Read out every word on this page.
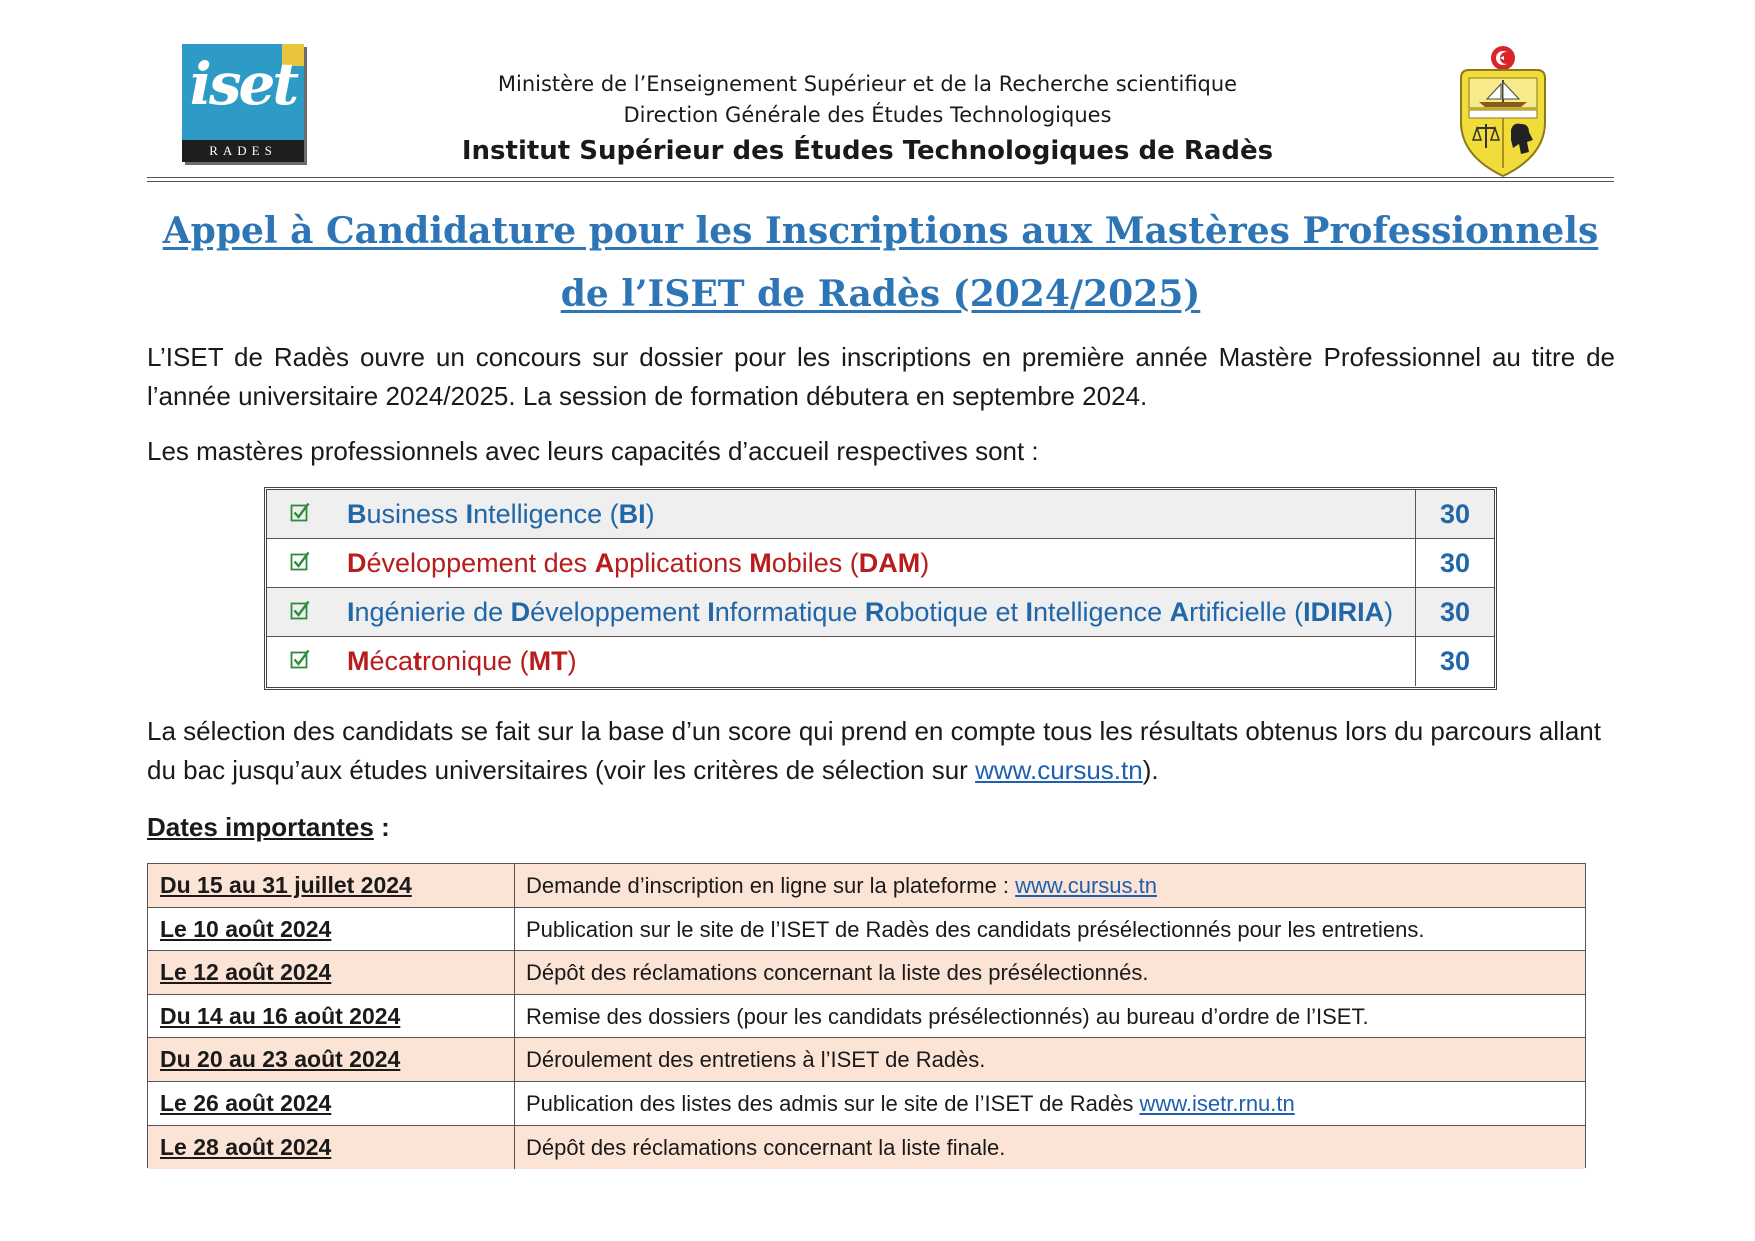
iset
RADES

Ministère de l’Enseignement Supérieur et de la Recherche scientifique

Direction Générale des Études Technologiques

Institut Supérieur des Études Technologiques de Radès

Appel à Candidature pour les Inscriptions aux Mastères Professionnels

de l’ISET de Radès (2024/2025)

L’ISET de Radès ouvre un concours sur dossier pour les inscriptions en première année Mastère Professionnel au titre de l’année universitaire 2024/2025. La session de formation débutera en septembre 2024.

Les mastères professionnels avec leurs capacités d’accueil respectives sont :

Business Intelligence (BI)	30
Développement des Applications Mobiles (DAM)	30
Ingénierie de Développement Informatique Robotique et Intelligence Artificielle (IDIRIA)	30
Mécatronique (MT)	30

La sélection des candidats se fait sur la base d’un score qui prend en compte tous les résultats obtenus lors du parcours allant du bac jusqu’aux études universitaires (voir les critères de sélection sur www.cursus.tn).

Dates importantes :

Du 15 au 31 juillet 2024	Demande d’inscription en ligne sur la plateforme : www.cursus.tn
Le 10 août 2024	Publication sur le site de l’ISET de Radès des candidats présélectionnés pour les entretiens.
Le 12 août 2024	Dépôt des réclamations concernant la liste des présélectionnés.
Du 14 au 16 août 2024	Remise des dossiers (pour les candidats présélectionnés) au bureau d’ordre de l’ISET.
Du 20 au 23 août 2024	Déroulement des entretiens à l’ISET de Radès.
Le 26 août 2024	Publication des listes des admis sur le site de l’ISET de Radès www.isetr.rnu.tn
Le 28 août 2024	Dépôt des réclamations concernant la liste finale.
